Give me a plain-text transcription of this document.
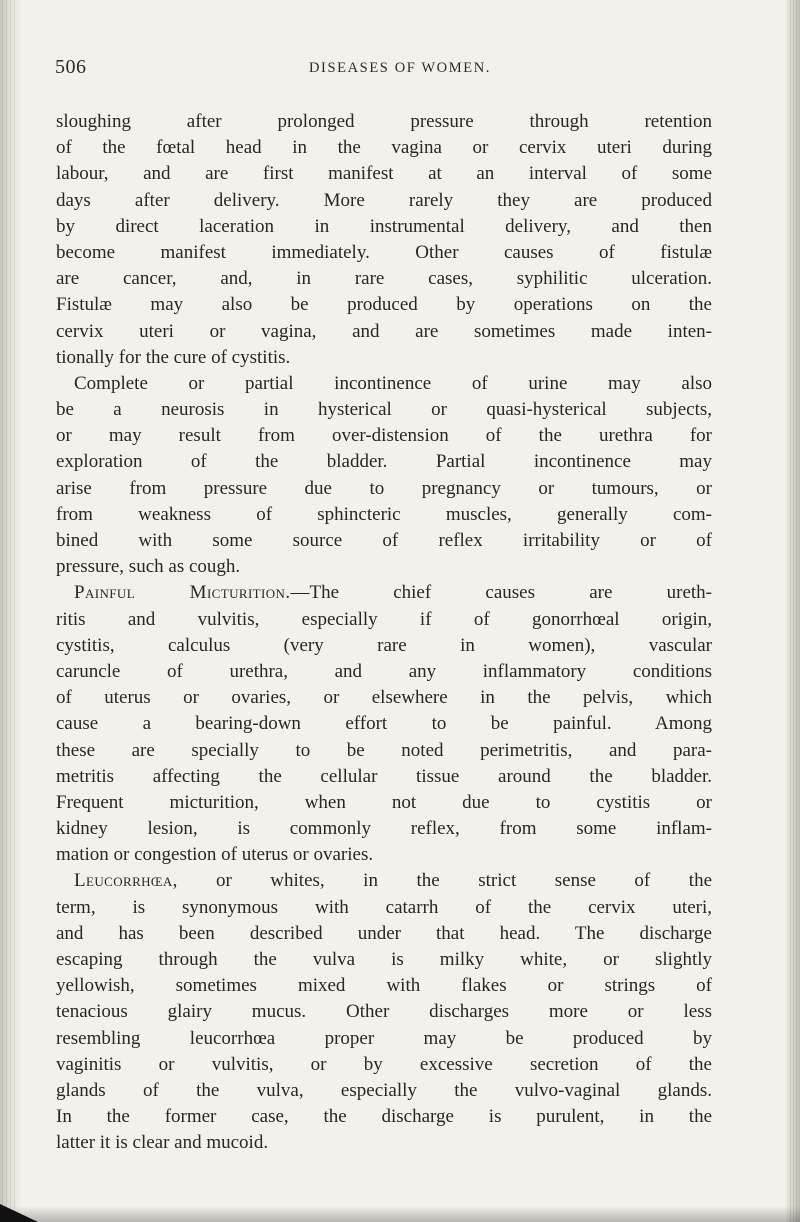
506	DISEASES OF WOMEN.
sloughing after prolonged pressure through retention
of the fœtal head in the vagina or cervix uteri during
labour, and are first manifest at an interval of some
days after delivery. More rarely they are produced
by direct laceration in instrumental delivery, and then
become manifest immediately. Other causes of fistulæ
are cancer, and, in rare cases, syphilitic ulceration.
Fistulæ may also be produced by operations on the
cervix uteri or vagina, and are sometimes made inten-
tionally for the cure of cystitis.
Complete or partial incontinence of urine may also
be a neurosis in hysterical or quasi-hysterical subjects,
or may result from over-distension of the urethra for
exploration of the bladder. Partial incontinence may
arise from pressure due to pregnancy or tumours, or
from weakness of sphincteric muscles, generally com-
bined with some source of reflex irritability or of
pressure, such as cough.
Painful Micturition.—The chief causes are ureth-
ritis and vulvitis, especially if of gonorrhœal origin,
cystitis, calculus (very rare in women), vascular
caruncle of urethra, and any inflammatory conditions
of uterus or ovaries, or elsewhere in the pelvis, which
cause a bearing-down effort to be painful. Among
these are specially to be noted perimetritis, and para-
metritis affecting the cellular tissue around the bladder.
Frequent micturition, when not due to cystitis or
kidney lesion, is commonly reflex, from some inflam-
mation or congestion of uterus or ovaries.
Leucorrhœa, or whites, in the strict sense of the
term, is synonymous with catarrh of the cervix uteri,
and has been described under that head. The discharge
escaping through the vulva is milky white, or slightly
yellowish, sometimes mixed with flakes or strings of
tenacious glairy mucus. Other discharges more or less
resembling leucorrhœa proper may be produced by
vaginitis or vulvitis, or by excessive secretion of the
glands of the vulva, especially the vulvo-vaginal glands.
In the former case, the discharge is purulent, in the
latter it is clear and mucoid.
